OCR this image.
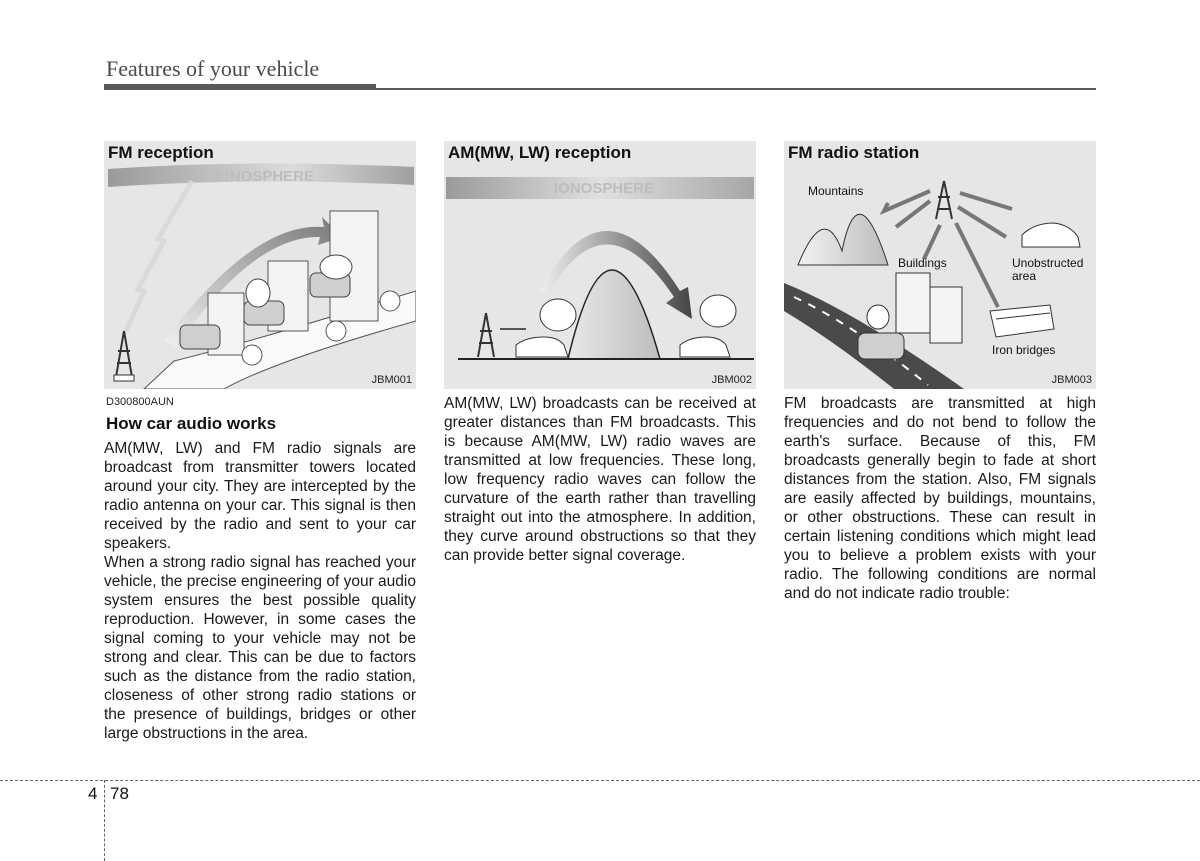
Features of your vehicle
IONOSPHERE
FM reception
JBM001
IONOSPHERE
AM(MW, LW) reception
JBM002
Mountains
Unobstructed
area
Buildings
Iron bridges
FM radio station
JBM003
D300800AUN
How car audio works

AM(MW, LW) and FM radio signals are broadcast from transmitter towers located around your city. They are intercepted by the radio antenna on your car. This signal is then received by the radio and sent to your car speakers.

When a strong radio signal has reached your vehicle, the precise engineering of your audio system ensures the best possible quality reproduction. However, in some cases the signal coming to your vehicle may not be strong and clear. This can be due to factors such as the distance from the radio station, closeness of other strong radio stations or the presence of buildings, bridges or other large obstructions in the area.

AM(MW, LW) broadcasts can be received at greater distances than FM broadcasts. This is because AM(MW, LW) radio waves are transmitted at low frequencies. These long, low frequency radio waves can follow the curvature of the earth rather than travelling straight out into the atmosphere. In addition, they curve around obstructions so that they can provide better signal coverage.

FM broadcasts are transmitted at high frequencies and do not bend to follow the earth's surface. Because of this, FM broadcasts generally begin to fade at short distances from the station. Also, FM signals are easily affected by buildings, mountains, or other obstructions. These can result in certain listening conditions which might lead you to believe a problem exists with your radio. The following conditions are normal and do not indicate radio trouble:

4 78
